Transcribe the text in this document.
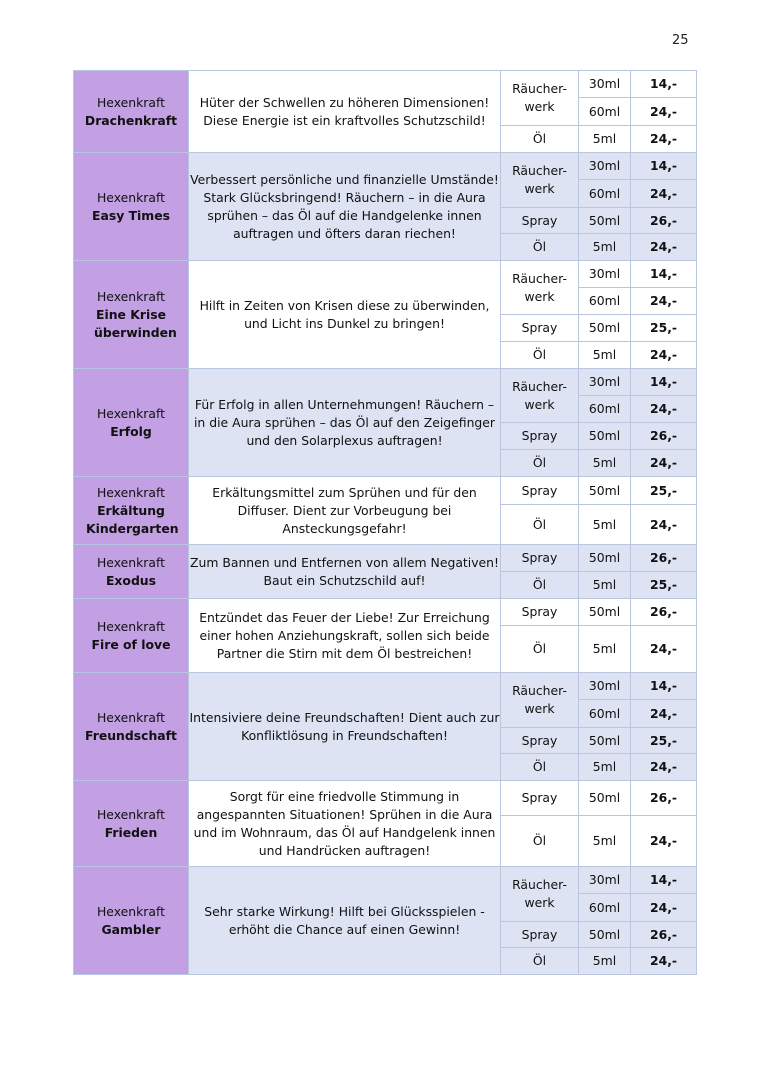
25
Hexenkraft
Drachenkraft	Hüter der Schwellen zu höheren Dimensionen! Diese Energie ist ein kraftvolles Schutzschild!	Räucher-werk	30ml	14,-
			60ml	24,-
		Öl	5ml	24,-

Hexenkraft
Easy Times	Verbessert persönliche und finanzielle Umstände! Stark Glücksbringend! Räuchern – in die Aura sprühen – das Öl auf die Handgelenke innen auftragen und öfters daran riechen!	Räucher-werk	30ml	14,-
			60ml	24,-
		Spray	50ml	26,-
		Öl	5ml	24,-

Hexenkraft
Eine Krise überwinden	Hilft in Zeiten von Krisen diese zu überwinden, und Licht ins Dunkel zu bringen!	Räucher-werk	30ml	14,-
			60ml	24,-
		Spray	50ml	25,-
		Öl	5ml	24,-

Hexenkraft
Erfolg	Für Erfolg in allen Unternehmungen! Räuchern – in die Aura sprühen – das Öl auf den Zeigefinger und den Solarplexus auftragen!	Räucher-werk	30ml	14,-
			60ml	24,-
		Spray	50ml	26,-
		Öl	5ml	24,-

Hexenkraft
Erkältung Kindergarten	Erkältungsmittel zum Sprühen und für den Diffuser. Dient zur Vorbeugung bei Ansteckungsgefahr!	Spray	50ml	25,-
		Öl	5ml	24,-

Hexenkraft
Exodus	Zum Bannen und Entfernen von allem Negativen! Baut ein Schutzschild auf!	Spray	50ml	26,-
		Öl	5ml	25,-

Hexenkraft
Fire of love	Entzündet das Feuer der Liebe! Zur Erreichung einer hohen Anziehungskraft, sollen sich beide Partner die Stirn mit dem Öl bestreichen!	Spray	50ml	26,-
		Öl	5ml	24,-

Hexenkraft
Freundschaft	Intensiviere deine Freundschaften! Dient auch zur Konfliktlösung in Freundschaften!	Räucher-werk	30ml	14,-
			60ml	24,-
		Spray	50ml	25,-
		Öl	5ml	24,-

Hexenkraft
Frieden	Sorgt für eine friedvolle Stimmung in angespannten Situationen! Sprühen in die Aura und im Wohnraum, das Öl auf Handgelenk innen und Handrücken auftragen!	Spray	50ml	26,-
		Öl	5ml	24,-

Hexenkraft
Gambler	Sehr starke Wirkung! Hilft bei Glücksspielen - erhöht die Chance auf einen Gewinn!	Räucher-werk	30ml	14,-
			60ml	24,-
		Spray	50ml	26,-
		Öl	5ml	24,-
